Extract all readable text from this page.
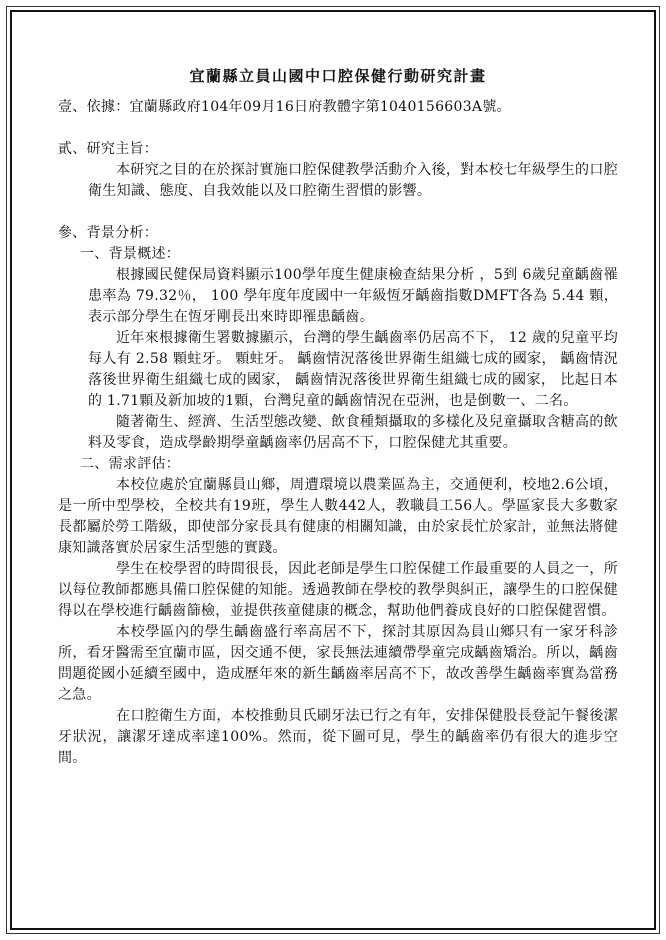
宜蘭縣立員山國中口腔保健行動研究計畫

壹、依據：宜蘭縣政府104年09月16日府教體字第1040156603A號。

貳、研究主旨：

本研究之目的在於探討實施口腔保健教學活動介入後，對本校七年級學生的口腔衛生知識、態度、自我效能以及口腔衛生習慣的影響。

參、背景分析：

一、背景概述：

根據國民健保局資料顯示100學年度生健康檢查結果分析 ，5到 6歲兒童齲齒罹患率為 79.32％， 100 學年度年度國中一年級恆牙齲齒指數DMFT各為 5.44 顆，表示部分學生在恆牙剛長出來時即罹患齲齒。

近年來根據衛生署數據顯示，台灣的學生齲齒率仍居高不下， 12 歲的兒童平均每人有 2.58 顆蛀牙。 顆蛀牙。 齲齒情況落後世界衛生組織七成的國家， 齲齒情況落後世界衛生組織七成的國家， 齲齒情況落後世界衛生組織七成的國家， 比起日本的 1.71顆及新加坡的1顆，台灣兒童的齲齒情況在亞洲，也是倒數一、二名。

隨著衛生、經濟、生活型態改變、飲食種類攝取的多樣化及兒童攝取含糖高的飲料及零食，造成學齡期學童齲齒率仍居高不下，口腔保健尤其重要。

二、需求評估：

本校位處於宜蘭縣員山鄉，周遭環境以農業區為主，交通便利，校地2.6公頃，是一所中型學校，全校共有19班，學生人數442人，教職員工56人。學區家長大多數家長都屬於勞工階級，即使部分家長具有健康的相關知識，由於家長忙於家計，並無法將健康知識落實於居家生活型態的實踐。

學生在校學習的時間很長，因此老師是學生口腔保健工作最重要的人員之一，所以每位教師都應具備口腔保健的知能。透過教師在學校的教學與糾正，讓學生的口腔保健得以在學校進行齲齒篩檢，並提供孩童健康的概念，幫助他們養成良好的口腔保健習慣。

本校學區內的學生齲齒盛行率高居不下，探討其原因為員山鄉只有一家牙科診所，看牙醫需至宜蘭市區，因交通不便，家長無法連續帶學童完成齲齒矯治。所以，齲齒問題從國小延續至國中，造成歷年來的新生齲齒率居高不下，故改善學生齲齒率實為當務之急。

在口腔衛生方面，本校推動貝氏刷牙法已行之有年，安排保健股長登記午餐後潔牙狀況，讓潔牙達成率達100%。然而，從下圖可見，學生的齲齒率仍有很大的進步空間。
